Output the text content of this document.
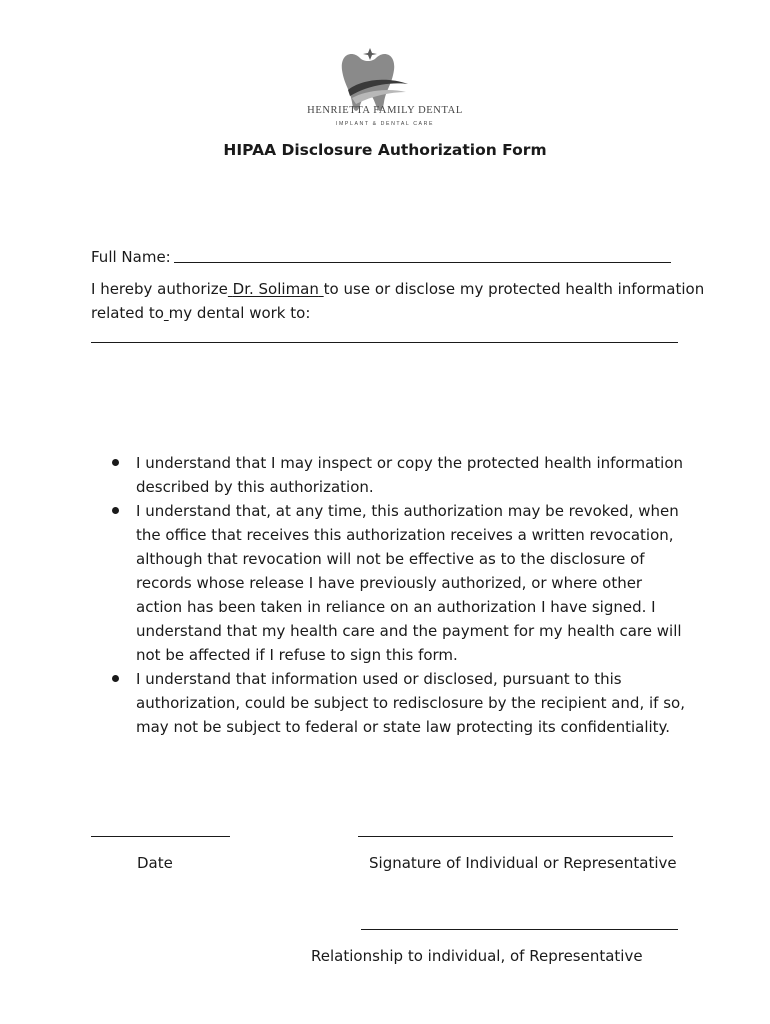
HENRIETTA FAMILY DENTAL
IMPLANT & DENTAL CARE
HIPAA Disclosure Authorization Form
Full Name:
I hereby authorize Dr. Soliman to use or disclose my protected health information
related to my dental work to:
I understand that I may inspect or copy the protected health information described by this authorization.
I understand that, at any time, this authorization may be revoked, when the office that receives this authorization receives a written revocation, although that revocation will not be effective as to the disclosure of records whose release I have previously authorized, or where other action has been taken in reliance on an authorization I have signed. I understand that my health care and the payment for my health care will not be affected if I refuse to sign this form.
I understand that information used or disclosed, pursuant to this authorization, could be subject to redisclosure by the recipient and, if so, may not be subject to federal or state law protecting its confidentiality.
Date	Signature of Individual or Representative
Relationship to individual, of Representative
